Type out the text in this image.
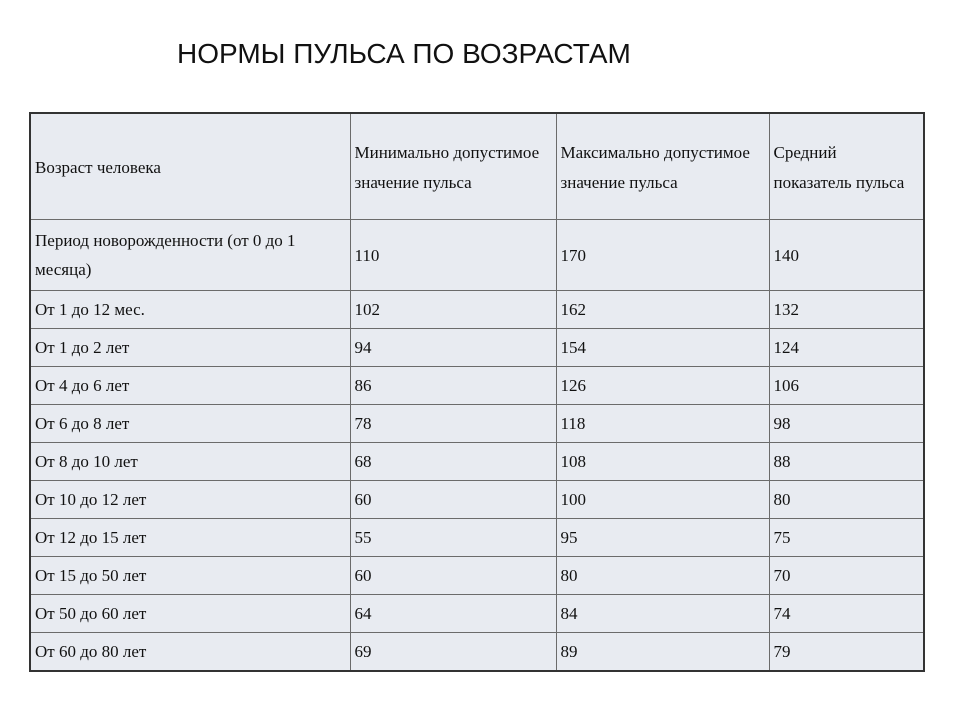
НОРМЫ ПУЛЬСА ПО ВОЗРАСТАМ
Возраст человека	Минимально допустимое значение пульса	Максимально допустимое значение пульса	Средний показатель пульса
Период новорожденности (от 0 до 1 месяца)	110	170	140
От 1 до 12 мес.	102	162	132
От 1 до 2 лет	94	154	124
От 4 до 6 лет	86	126	106
От 6 до 8 лет	78	118	98
От 8 до 10 лет	68	108	88
От 10 до 12 лет	60	100	80
От 12 до 15 лет	55	95	75
От 15 до 50 лет	60	80	70
От 50 до 60 лет	64	84	74
От 60 до 80 лет	69	89	79
